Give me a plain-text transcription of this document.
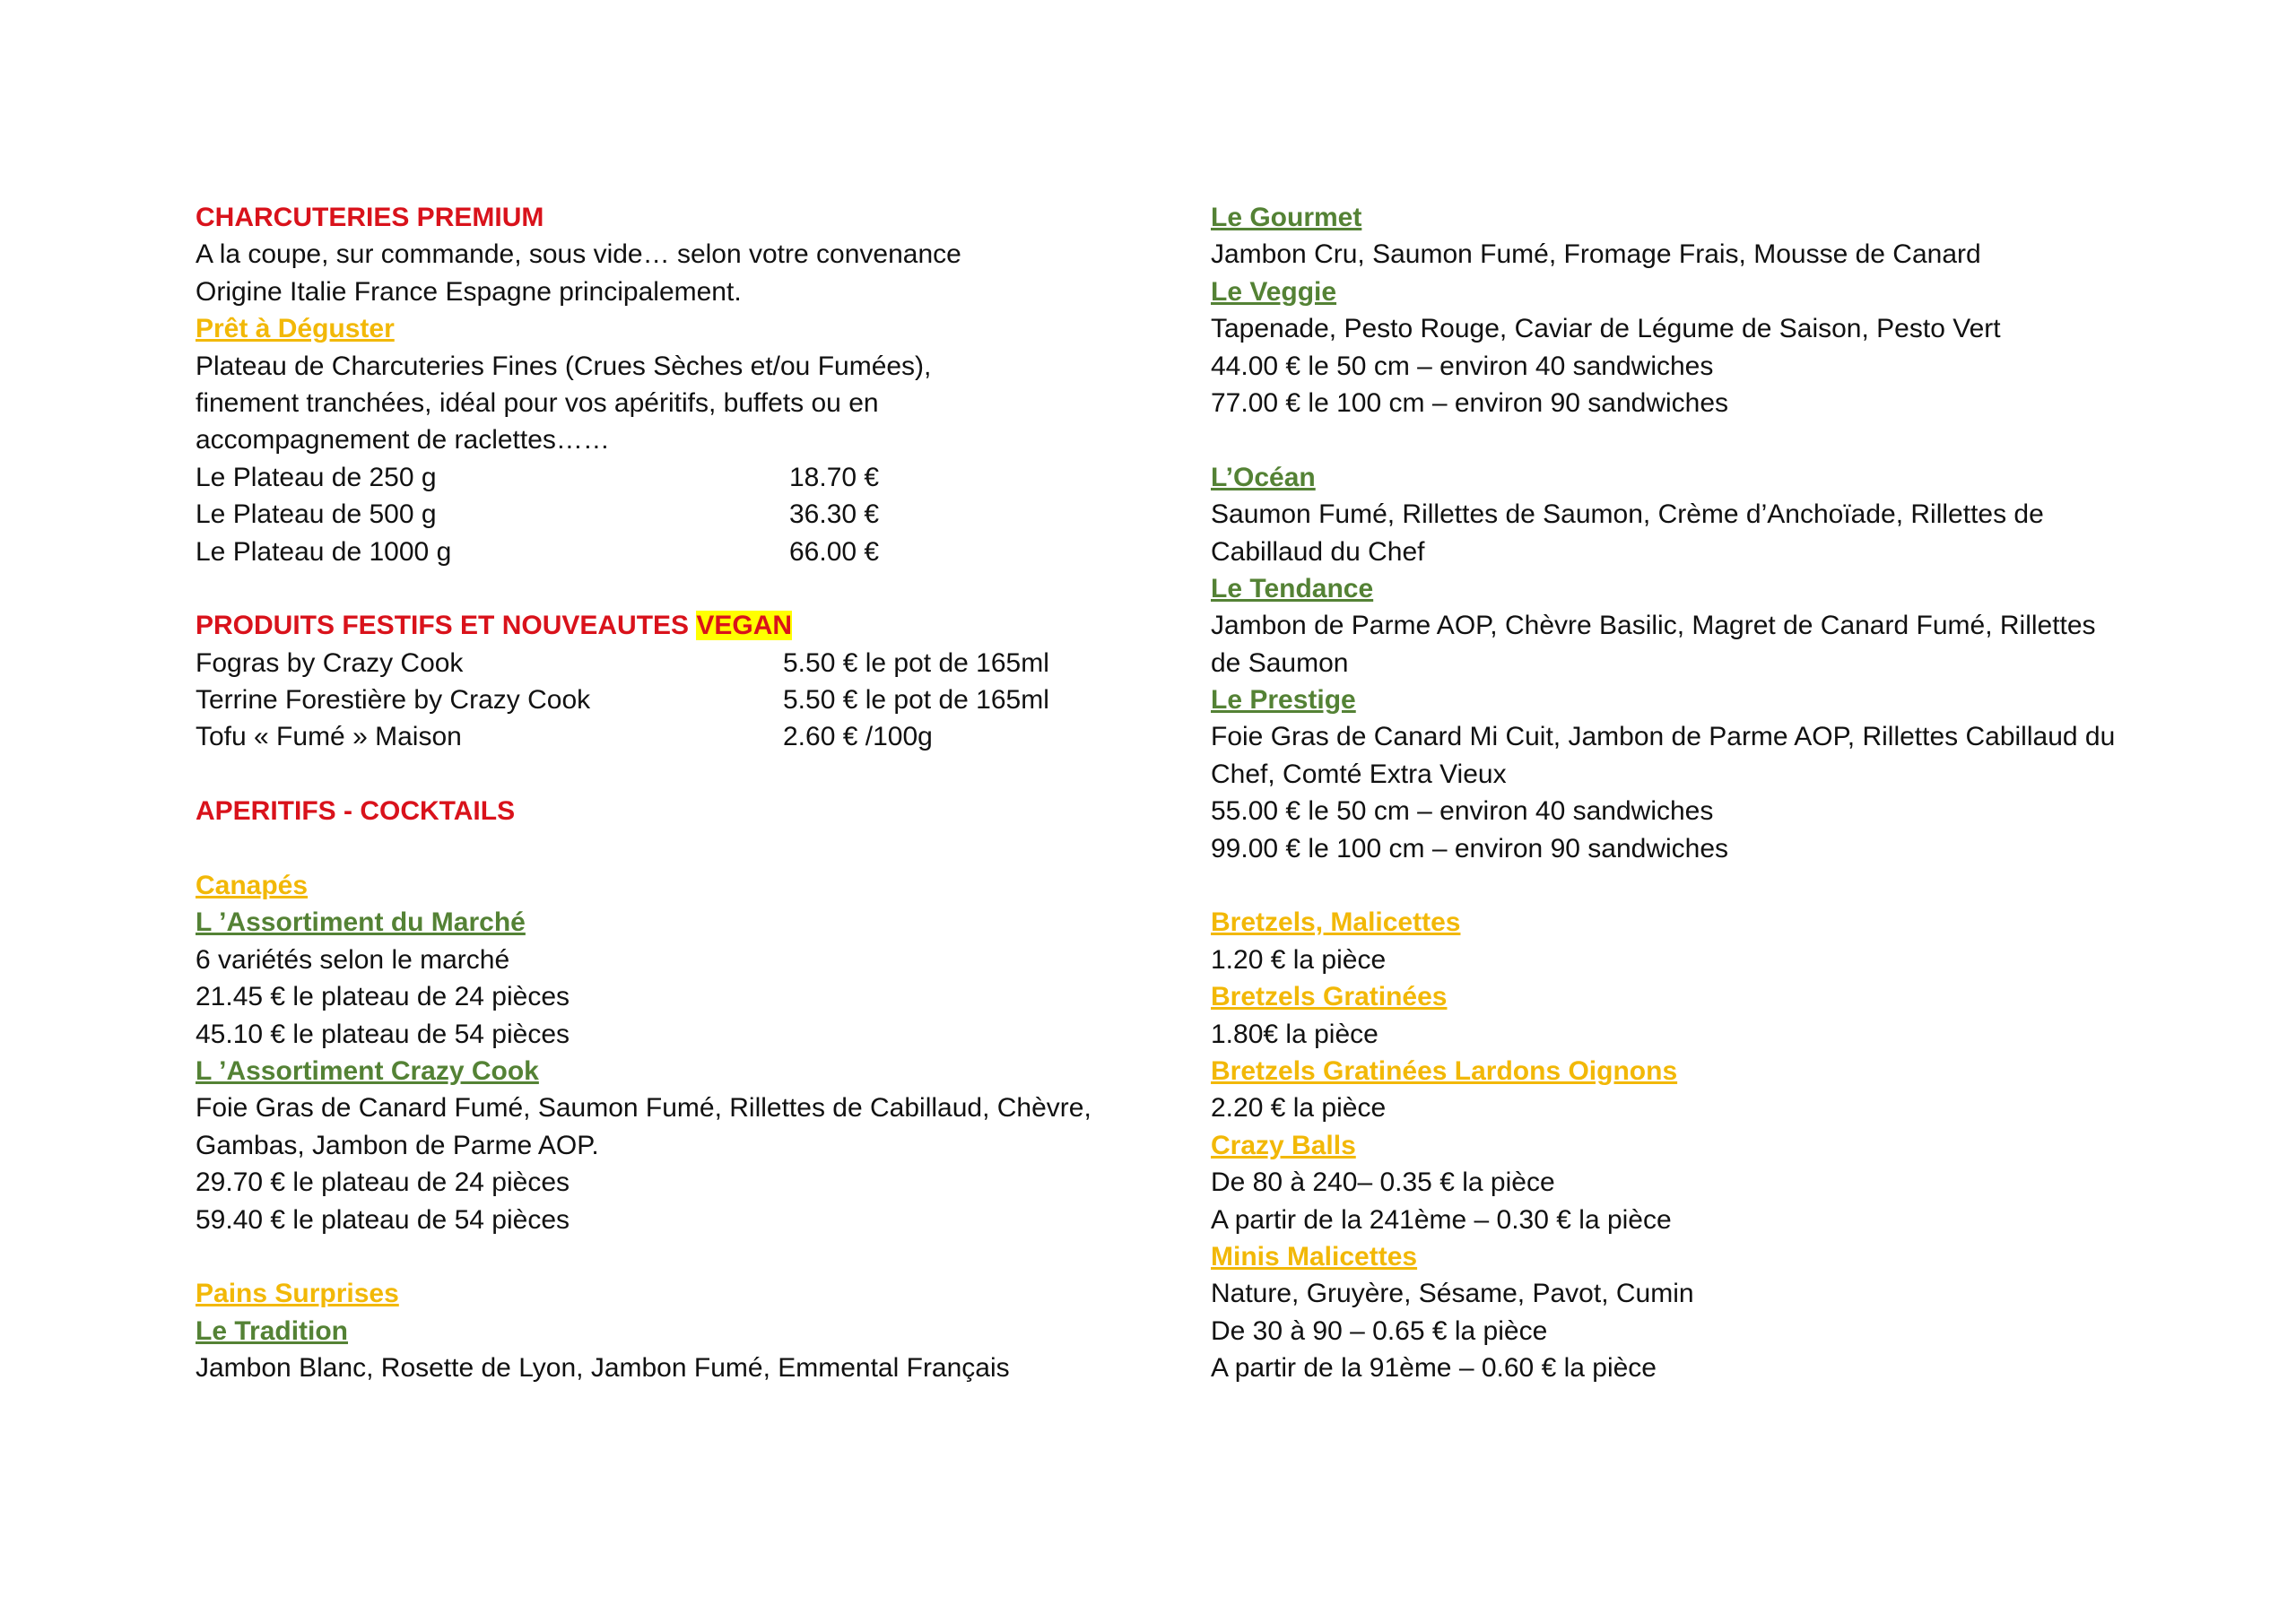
CHARCUTERIES PREMIUM
A la coupe, sur commande, sous vide… selon votre convenance
Origine Italie France Espagne principalement.
Prêt à Déguster
Plateau de Charcuteries Fines (Crues Sèches et/ou Fumées),
finement tranchées, idéal pour vos apéritifs, buffets ou en
accompagnement de raclettes……
Le Plateau de 250 g	18.70 €
Le Plateau de 500 g	36.30 €
Le Plateau de 1000 g	66.00 €
PRODUITS FESTIFS ET NOUVEAUTES VEGAN
Fogras by Crazy Cook	5.50 € le pot de 165ml
Terrine Forestière by Crazy Cook	5.50 € le pot de 165ml
Tofu « Fumé » Maison	2.60 € /100g
APERITIFS - COCKTAILS
Canapés
L ’Assortiment du Marché
6 variétés selon le marché
21.45 € le plateau de 24 pièces
45.10 € le plateau de 54 pièces
L ’Assortiment Crazy Cook
Foie Gras de Canard Fumé, Saumon Fumé, Rillettes de Cabillaud, Chèvre,
Gambas, Jambon de Parme AOP.
29.70 € le plateau de 24 pièces
59.40 € le plateau de 54 pièces
Pains Surprises
Le Tradition
Jambon Blanc, Rosette de Lyon, Jambon Fumé, Emmental Français
Le Gourmet
Jambon Cru, Saumon Fumé, Fromage Frais, Mousse de Canard
Le Veggie
Tapenade, Pesto Rouge, Caviar de Légume de Saison, Pesto Vert
44.00 € le 50 cm – environ 40 sandwiches
77.00 € le 100 cm – environ 90 sandwiches
L’Océan
Saumon Fumé, Rillettes de Saumon, Crème d’Anchoïade, Rillettes de
Cabillaud du Chef
Le Tendance
Jambon de Parme AOP, Chèvre Basilic, Magret de Canard Fumé, Rillettes
de Saumon
Le Prestige
Foie Gras de Canard Mi Cuit, Jambon de Parme AOP, Rillettes Cabillaud du
Chef, Comté Extra Vieux
55.00 € le 50 cm – environ 40 sandwiches
99.00 € le 100 cm – environ 90 sandwiches
Bretzels, Malicettes
1.20 € la pièce
Bretzels Gratinées
1.80€ la pièce
Bretzels Gratinées Lardons Oignons
2.20 € la pièce
Crazy Balls
De 80 à 240– 0.35 € la pièce
A partir de la 241ème – 0.30 € la pièce
Minis Malicettes
Nature, Gruyère, Sésame, Pavot, Cumin
De 30 à 90 – 0.65 € la pièce
A partir de la 91ème – 0.60 € la pièce
